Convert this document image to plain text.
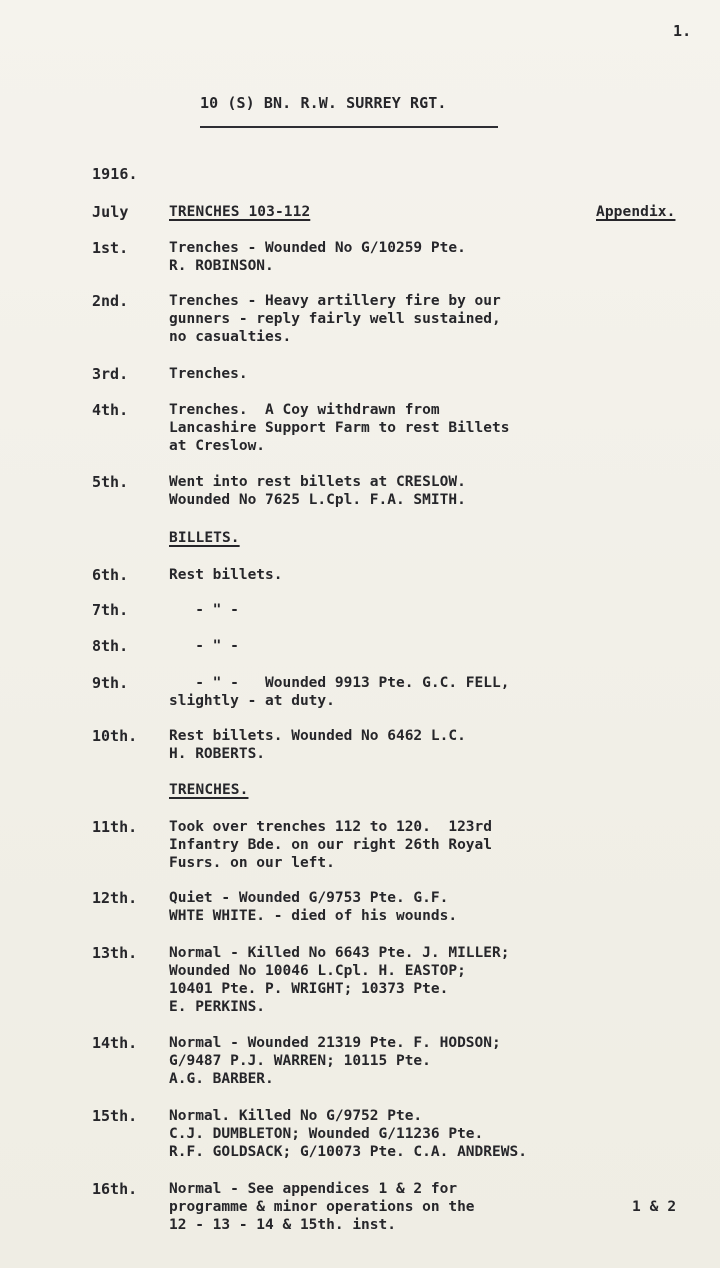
1.
10 (S) BN. R.W. SURREY RGT.
1916.
July	TRENCHES 103-112	Appendix.
1st.	Trenches - Wounded No G/10259 Pte.
R. ROBINSON.
2nd.	Trenches - Heavy artillery fire by our
gunners - reply fairly well sustained,
no casualties.
3rd.	Trenches.
4th.	Trenches.  A Coy withdrawn from
Lancashire Support Farm to rest Billets
at Creslow.
5th.	Went into rest billets at CRESLOW.
Wounded No 7625 L.Cpl. F.A. SMITH.
BILLETS.
6th.	Rest billets.
7th.	- " -
8th.	- " -
9th.	- " -   Wounded 9913 Pte. G.C. FELL,
slightly - at duty.
10th. Rest billets. Wounded No 6462 L.C.
H. ROBERTS.
TRENCHES.
11th. Took over trenches 112 to 120.  123rd
Infantry Bde. on our right 26th Royal
Fusrs. on our left.
12th. Quiet - Wounded G/9753 Pte. G.F.
WHTE WHITE. - died of his wounds.
13th. Normal - Killed No 6643 Pte. J. MILLER;
Wounded No 10046 L.Cpl. H. EASTOP;
10401 Pte. P. WRIGHT; 10373 Pte.
E. PERKINS.
14th. Normal - Wounded 21319 Pte. F. HODSON;
G/9487 P.J. WARREN; 10115 Pte.
A.G. BARBER.
15th. Normal. Killed No G/9752 Pte.
C.J. DUMBLETON; Wounded G/11236 Pte.
R.F. GOLDSACK; G/10073 Pte. C.A. ANDREWS.
16th. Normal - See appendices 1 & 2 for
programme & minor operations on the
12 - 13 - 14 & 15th. inst.
1 & 2
